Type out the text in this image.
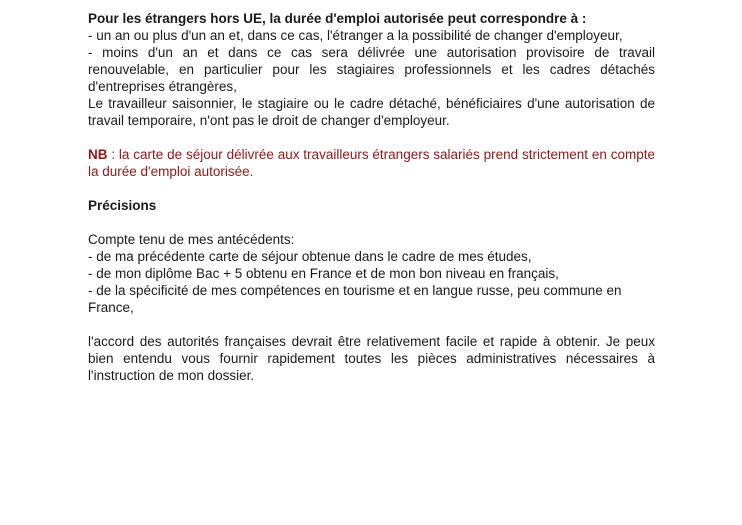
Pour les étrangers hors UE, la durée d'emploi autorisée peut correspondre à :

- un an ou plus d'un an et, dans ce cas, l'étranger a la possibilité de changer d'employeur,

- moins d'un an et dans ce cas sera délivrée une autorisation provisoire de travail renouvelable, en particulier pour les stagiaires professionnels et les cadres détachés d'entreprises étrangères,

Le travailleur saisonnier, le stagiaire ou le cadre détaché, bénéficiaires d'une autorisation de travail temporaire, n'ont pas le droit de changer d'employeur.

NB : la carte de séjour délivrée aux travailleurs étrangers salariés prend strictement en compte la durée d'emploi autorisée.

Précisions

Compte tenu de mes antécédents:

- de ma précédente carte de séjour obtenue dans le cadre de mes études,

- de mon diplôme Bac + 5 obtenu en France et de mon bon niveau en français,

- de la spécificité de mes compétences en tourisme et en langue russe, peu commune en France,

l'accord des autorités françaises devrait être relativement facile et rapide à obtenir. Je peux bien entendu vous fournir rapidement toutes les pièces administratives nécessaires à l'instruction de mon dossier.
